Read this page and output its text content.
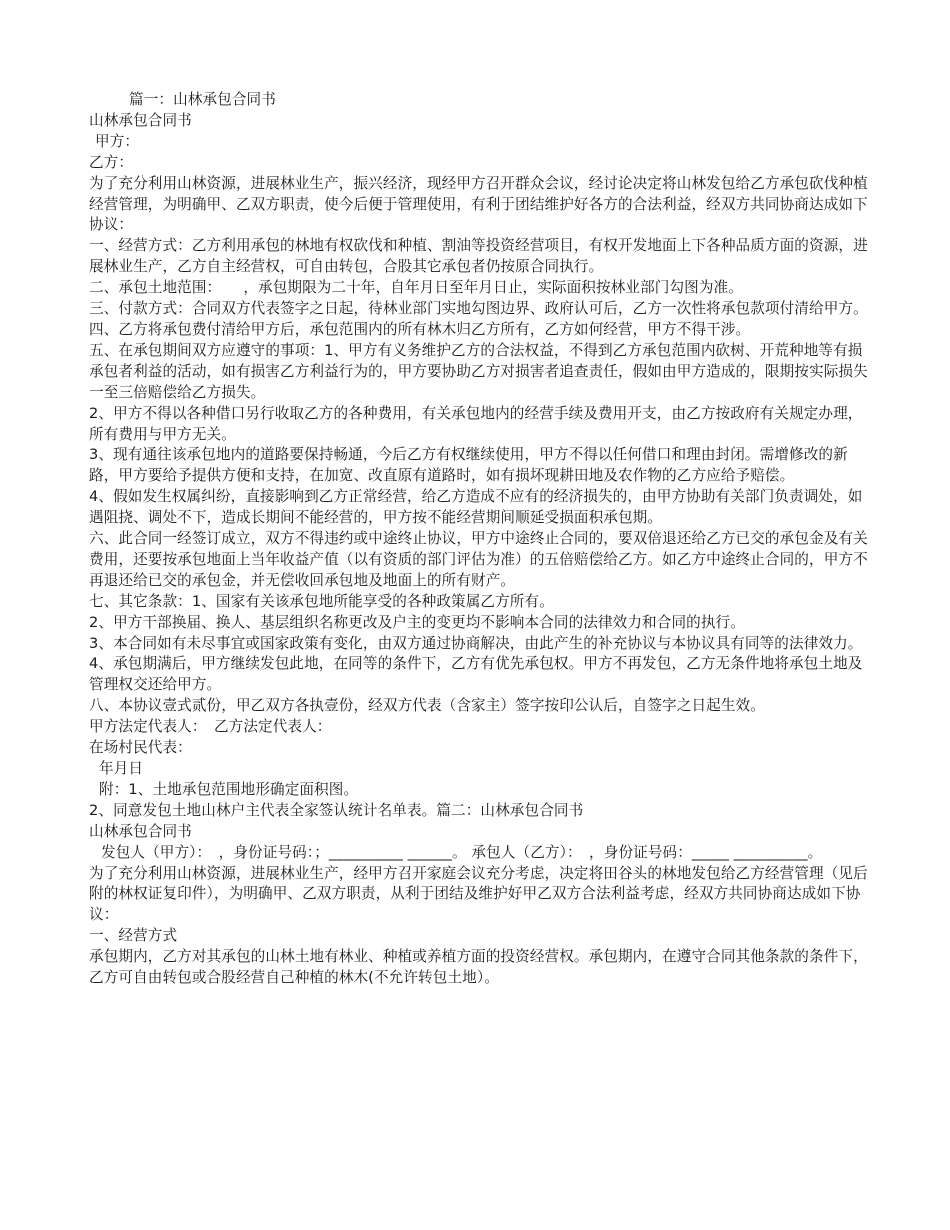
篇一：山林承包合同书

山林承包合同书

甲方：

乙方：

为了充分利用山林资源，进展林业生产，振兴经济，现经甲方召开群众会议，经讨论决定将山林发包给乙方承包砍伐种植经营管理，为明确甲、乙双方职责，使今后便于管理使用，有利于团结维护好各方的合法利益，经双方共同协商达成如下协议：

一、经营方式：乙方利用承包的林地有权砍伐和种植、割油等投资经营项目，有权开发地面上下各种品质方面的资源，进展林业生产，乙方自主经营权，可自由转包，合股其它承包者仍按原合同执行。

二、承包土地范围：　　，承包期限为二十年，自年月日至年月日止，实际面积按林业部门勾图为准。

三、付款方式：合同双方代表签字之日起，待林业部门实地勾图边界、政府认可后，乙方一次性将承包款项付清给甲方。

四、乙方将承包费付清给甲方后，承包范围内的所有林木归乙方所有，乙方如何经营，甲方不得干涉。

五、在承包期间双方应遵守的事项：1、甲方有义务维护乙方的合法权益，不得到乙方承包范围内砍树、开荒种地等有损承包者利益的活动，如有损害乙方利益行为的，甲方要协助乙方对损害者追查责任，假如由甲方造成的，限期按实际损失一至三倍赔偿给乙方损失。

2、甲方不得以各种借口另行收取乙方的各种费用，有关承包地内的经营手续及费用开支，由乙方按政府有关规定办理，所有费用与甲方无关。

3、现有通往该承包地内的道路要保持畅通，今后乙方有权继续使用，甲方不得以任何借口和理由封闭。需增修改的新路，甲方要给予提供方便和支持，在加宽、改直原有道路时，如有损坏现耕田地及农作物的乙方应给予赔偿。

4、假如发生权属纠纷，直接影响到乙方正常经营，给乙方造成不应有的经济损失的，由甲方协助有关部门负责调处，如遇阻挠、调处不下，造成长期间不能经营的，甲方按不能经营期间顺延受损面积承包期。

六、此合同一经签订成立，双方不得违约或中途终止协议，甲方中途终止合同的，要双倍退还给乙方已交的承包金及有关费用，还要按承包地面上当年收益产值（以有资质的部门评估为准）的五倍赔偿给乙方。如乙方中途终止合同的，甲方不再退还给已交的承包金，并无偿收回承包地及地面上的所有财产。

七、其它条款：1、国家有关该承包地所能享受的各种政策属乙方所有。

2、甲方干部换届、换人、基层组织名称更改及户主的变更均不影响本合同的法律效力和合同的执行。

3、本合同如有未尽事宜或国家政策有变化，由双方通过协商解决，由此产生的补充协议与本协议具有同等的法律效力。

4、承包期满后，甲方继续发包此地，在同等的条件下，乙方有优先承包权。甲方不再发包，乙方无条件地将承包土地及管理权交还给甲方。

八、本协议壹式贰份，甲乙双方各执壹份，经双方代表（含家主）签字按印公认后，自签字之日起生效。

甲方法定代表人：　乙方法定代表人：

在场村民代表：

年月日

附：1、土地承包范围地形确定面积图。

2、同意发包土地山林户主代表全家签认统计名单表。篇二：山林承包合同书

山林承包合同书

发包人（甲方）：　，身份证号码：；__________ ______。 承包人（乙方）：　，身份证号码：_____ __________。

为了充分利用山林资源，进展林业生产，经甲方召开家庭会议充分考虑，决定将田谷头的林地发包给乙方经营管理（见后附的林权证复印件），为明确甲、乙双方职责，从利于团结及维护好甲乙双方合法利益考虑，经双方共同协商达成如下协议：

一、经营方式

承包期内，乙方对其承包的山林土地有林业、种植或养植方面的投资经营权。承包期内，在遵守合同其他条款的条件下，乙方可自由转包或合股经营自己种植的林木(不允许转包土地）。
